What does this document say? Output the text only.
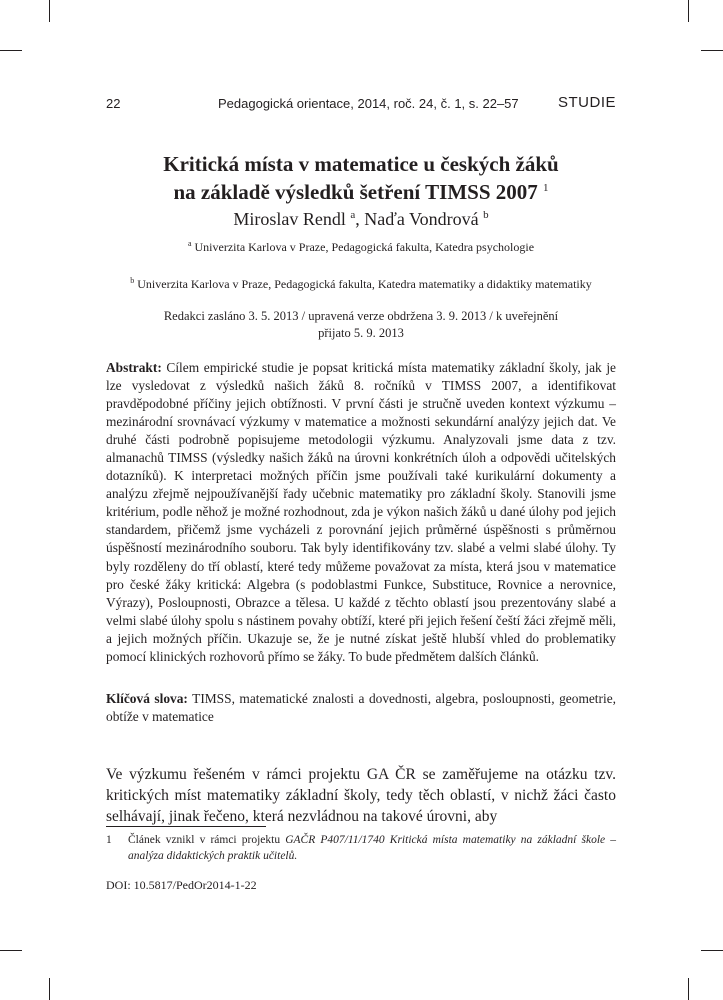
22	Pedagogická orientace, 2014, roč. 24, č. 1, s. 22–57	STUDIE
Kritická místa v matematice u českých žáků
na základě výsledků šetření TIMSS 2007 $^1$
Miroslav Rendl $^a$, Naďa Vondrová $^b$
$^a$ Univerzita Karlova v Praze, Pedagogická fakulta, Katedra psychologie
$^b$ Univerzita Karlova v Praze, Pedagogická fakulta, Katedra matematiky a didaktiky matematiky
Redakci zasláno 3. 5. 2013 / upravená verze obdržena 3. 9. 2013 / k uveřejnění
přijato 5. 9. 2013
Abstrakt: Cílem empirické studie je popsat kritická místa matematiky základní školy, jak je lze vysledovat z výsledků našich žáků 8. ročníků v TIMSS 2007, a identifikovat pravděpodobné příčiny jejich obtížnosti. V první části je stručně uveden kontext výzkumu – mezinárodní srovnávací výzkumy v matematice a možnosti sekundární analýzy jejich dat. Ve druhé části podrobně popisujeme metodologii výzkumu. Analyzovali jsme data z tzv. almanachů TIMSS (výsledky našich žáků na úrovni konkrétních úloh a odpovědi učitelských dotazníků). K interpretaci možných příčin jsme používali také kurikulární dokumenty a analýzu zřejmě nejpoužívanější řady učebnic matematiky pro základní školy. Stanovili jsme kritérium, podle něhož je možné rozhodnout, zda je výkon našich žáků u dané úlohy pod jejich standardem, přičemž jsme vycházeli z porovnání jejich průměrné úspěšnosti s průměrnou úspěšností mezinárodního souboru. Tak byly identifikovány tzv. slabé a velmi slabé úlohy. Ty byly rozděleny do tří oblastí, které tedy můžeme považovat za místa, která jsou v matematice pro české žáky kritická: Algebra (s podoblastmi Funkce, Substituce, Rovnice a nerovnice, Výrazy), Posloupnosti, Obrazce a tělesa. U každé z těchto oblastí jsou prezentovány slabé a velmi slabé úlohy spolu s nástinem povahy obtíží, které při jejich řešení čeští žáci zřejmě měli, a jejich možných příčin. Ukazuje se, že je nutné získat ještě hlubší vhled do problematiky pomocí klinických rozhovorů přímo se žáky. To bude předmětem dalších článků.
Klíčová slova: TIMSS, matematické znalosti a dovednosti, algebra, posloupnosti, geometrie, obtíže v matematice
Ve výzkumu řešeném v rámci projektu GA ČR se zaměřujeme na otázku tzv. kritických míst matematiky základní školy, tedy těch oblastí, v nichž žáci často selhávají, jinak řečeno, která nezvládnou na takové úrovni, aby
1 Článek vznikl v rámci projektu GAČR P407/11/1740 Kritická místa matematiky na základní škole – analýza didaktických praktik učitelů.
DOI: 10.5817/PedOr2014-1-22
